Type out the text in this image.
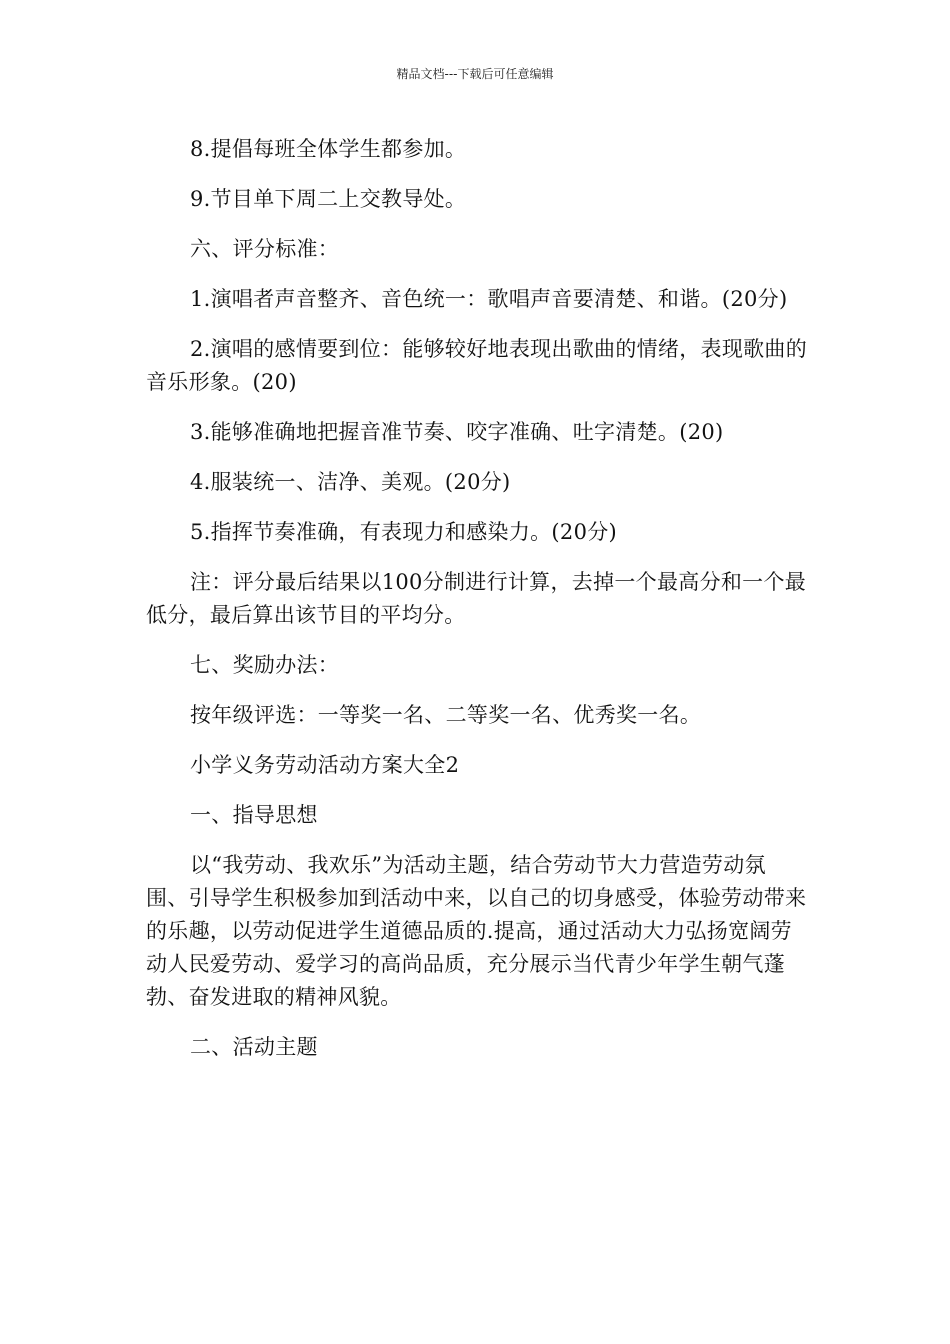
精品文档---下载后可任意编辑

8.提倡每班全体学生都参加。

9.节目单下周二上交教导处。

六、评分标准：

1.演唱者声音整齐、音色统一：歌唱声音要清楚、和谐。(20分)

2.演唱的感情要到位：能够较好地表现出歌曲的情绪，表现歌曲的音乐形象。(20)

3.能够准确地把握音准节奏、咬字准确、吐字清楚。(20)

4.服装统一、洁净、美观。(20分)

5.指挥节奏准确，有表现力和感染力。(20分)

注：评分最后结果以100分制进行计算，去掉一个最高分和一个最低分，最后算出该节目的平均分。

七、奖励办法：

按年级评选：一等奖一名、二等奖一名、优秀奖一名。

小学义务劳动活动方案大全2

一、指导思想

以“我劳动、我欢乐”为活动主题，结合劳动节大力营造劳动氛围、引导学生积极参加到活动中来，以自己的切身感受，体验劳动带来的乐趣，以劳动促进学生道德品质的.提高，通过活动大力弘扬宽阔劳动人民爱劳动、爱学习的高尚品质，充分展示当代青少年学生朝气蓬勃、奋发进取的精神风貌。

二、活动主题
